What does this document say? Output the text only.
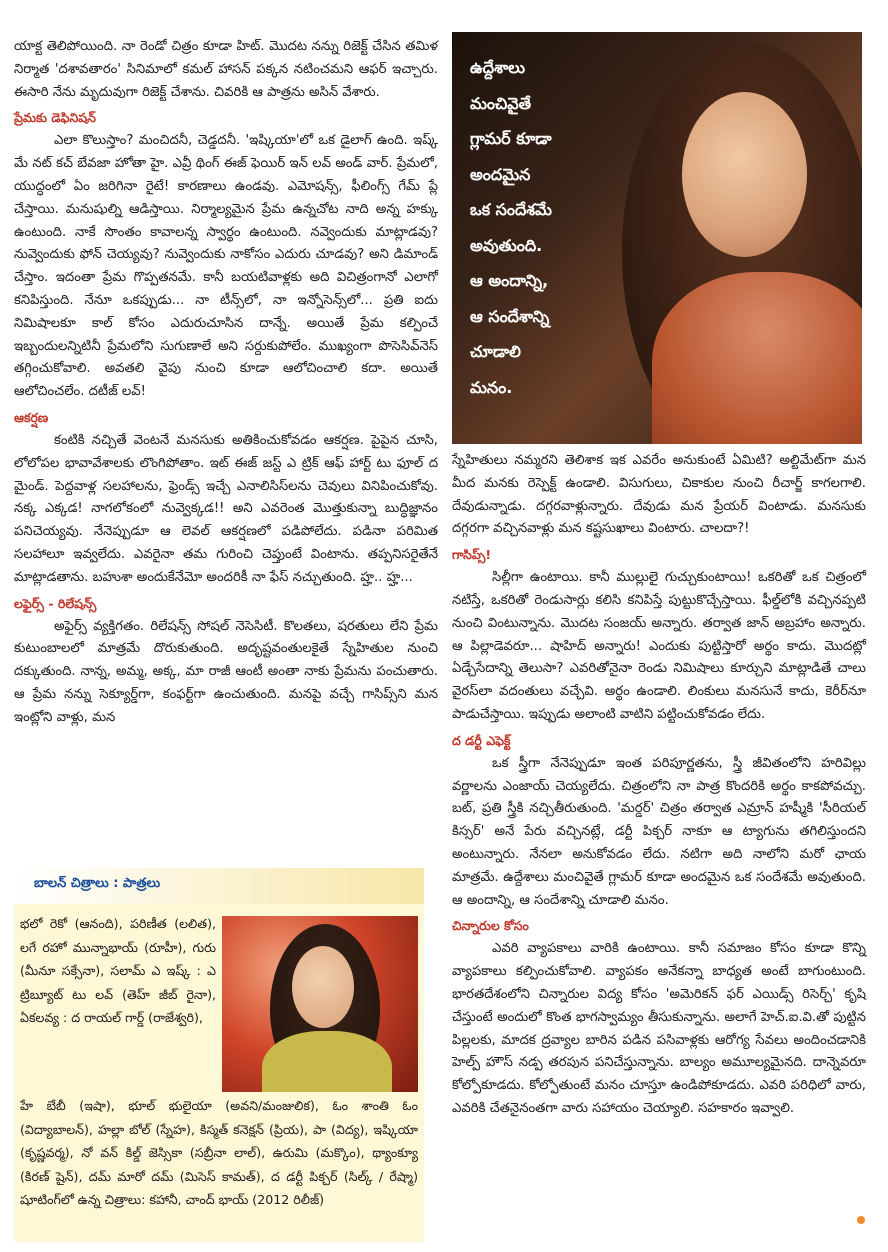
యాక్ట తెలిపోయింది. నా రెండో చిత్రం కూడా హిట్. మొదట నన్ను రిజెక్ట్ చేసిన తమిళ నిర్మాత 'దశావతారం' సినిమాలో కమల్ హాసన్ పక్కన నటించమని ఆఫర్ ఇచ్చారు. ఈసారి నేను మృదువుగా రిజెక్ట్ చేశాను. చివరికి ఆ పాత్రను అసిన్ వేశారు.

ప్రేమకు డెఫినిషన్

ఎలా కొలుస్తాం? మంచిదనీ, చెడ్డదనీ. 'ఇష్కియా'లో ఒక డైలాగ్ ఉంది. ఇష్క్ మే నట్ కచ్ బేవజా హోతా హై. ఎవ్రీ థింగ్ ఈజ్ ఫెయిర్ ఇన్ లవ్ అండ్ వార్. ప్రేమలో, యుద్ధంలో ఏం జరిగినా రైటే! కారణాలు ఉండవు. ఎమోషన్స్, ఫీలింగ్స్ గేమ్ ప్లే చేస్తాయి. మనుషుల్ని ఆడిస్తాయి. నిర్మాల్యమైన ప్రేమ ఉన్నచోట నాది అన్న హక్కు ఉంటుంది. నాకే సొంతం కావాలన్న స్వార్థం ఉంటుంది. నవ్వెందుకు మాట్లాడవు? నువ్వెందుకు ఫోన్ చెయ్యవు? నువ్వెందుకు నాకోసం ఎదురు చూడవు? అని డిమాండ్ చేస్తాం. ఇదంతా ప్రేమ గొప్పతనమే. కానీ బయటివాళ్లకు అది విచిత్రంగానో ఎలాగో కనిపిస్తుంది. నేనూ ఒకప్పుడు... నా టీన్స్‌లో, నా ఇన్నోసెన్స్‌లో... ప్రతి ఐదు నిమిషాలకూ కాల్ కోసం ఎదురుచూసిన దాన్నే. అయితే ప్రేమ కల్పించే ఇబ్బందులన్నిటినీ ప్రేమలోని సుగుణాలే అని సర్దుకుపోలేం. ముఖ్యంగా పొసెసివ్‌నెస్ తగ్గించుకోవాలి. అవతలి వైపు నుంచి కూడా ఆలోచించాలి కదా. అయితే ఆలోచించలేం. దటీజ్ లవ్!

ఆకర్షణ

కంటికి నచ్చితే వెంటనే మనసుకు అతికించుకోవడం ఆకర్షణ. పైపైన చూసి, లోలోపల భావావేశాలకు లొంగిపోతాం. ఇట్ ఈజ్ జస్ట్ ఎ ట్రిక్ ఆఫ్ హార్ట్ టు ఫూల్ ద మైండ్. పెద్దవాళ్ల సలహాలను, ఫ్రెండ్స్ ఇచ్చే ఎనాలిసిస్‌లను చెవులు వినిపించుకోవు. నక్క ఎక్కడ! నాగలోకంలో నువ్వెక్కడ!! అని ఎవరెంత మొత్తుకున్నా బుద్ధిజ్ఞానం పనిచెయ్యవు. నేనెప్పుడూ ఆ లెవల్ ఆకర్షణలో పడిపోలేదు. పడినా పరిమిత సలహాలూ ఇవ్వలేదు. ఎవరైనా తమ గురించి చెప్తుంటే వింటాను. తప్పనిసరైతేనే మాట్లాడతాను. బహుశా అందుకేనేమో అందరికీ నా ఫేస్ నచ్చుతుంది. హ్హ.. హ్హ...

లఫైర్స్ - రిలేషన్స్

అఫైర్స్ వ్యక్తిగతం. రిలేషన్స్ సోషల్ నెసెసిటీ. కొలతలు, షరతులు లేని ప్రేమ కుటుంబాలలో మాత్రమే దొరుకుతుంది. అదృష్టవంతులకైతే స్నేహితుల నుంచి దక్కుతుంది. నాన్న, అమ్మ, అక్క, మా రాజీ ఆంటీ అంతా నాకు ప్రేమను పంచుతారు. ఆ ప్రేమ నన్ను సెక్యూర్డ్‌గా, కంఫర్ట్‌గా ఉంచుతుంది. మనపై వచ్చే గాసిప్స్‌ని మన ఇంట్లోని వాళ్లు, మన

ఉద్దేశాలు
మంచివైతే
గ్లామర్ కూడా
అందమైన
ఒక సందేశమే
అవుతుంది.
ఆ అందాన్ని,
ఆ సందేశాన్ని
చూడాలి
మనం.

స్నేహితులు నమ్మరని తెలిశాక ఇక ఎవరేం అనుకుంటే ఏమిటి? అల్టిమేట్‌గా మన మీద మనకు రెస్పెక్ట్ ఉండాలి. విసుగులు, చికాకుల నుంచి రీచార్జ్ కాగలగాలి. దేవుడున్నాడు. దగ్గరవాళ్లున్నారు. దేవుడు మన ప్రేయర్ వింటాడు. మనసుకు దగ్గరగా వచ్చినవాళ్లు మన కష్టసుఖాలు వింటారు. చాలదా?!

గాసిప్స్!

సిల్లీగా ఉంటాయి. కానీ ముల్లులై గుచ్చుకుంటాయి! ఒకరితో ఒక చిత్రంలో నటిస్తే, ఒకరితో రెండుసార్లు కలిసి కనిపిస్తే పుట్టుకొచ్చేస్తాయి. ఫీల్డ్‌లోకి వచ్చినప్పటి నుంచి వింటున్నాను. మొదట సంజయ్ అన్నారు. తర్వాత జాన్ అబ్రహాం అన్నారు. ఆ పిల్లాడెవరూ... షాహిద్ అన్నారు! ఎందుకు పుట్టిస్తారో అర్థం కాదు. మొదట్లో ఏడ్చేసేదాన్ని తెలుసా? ఎవరితోనైనా రెండు నిమిషాలు కూర్చుని మాట్లాడితే చాలు వైరస్‌లా వదంతులు వచ్చేవి. అర్థం ఉండాలి. లింకులు మనసునే కాదు, కెరీర్‌నూ పాడుచేస్తాయి. ఇప్పుడు అలాంటి వాటిని పట్టించుకోవడం లేదు.

ద డర్టీ ఎఫెక్ట్

ఒక స్త్రీగా నేనెప్పుడూ ఇంత పరిపూర్ణతను, స్త్రీ జీవితంలోని హరివిల్లు వర్ణాలను ఎంజాయ్ చెయ్యలేదు. చిత్రంలోని నా పాత్ర కొందరికి అర్థం కాకపోవచ్చు. బట్, ప్రతి స్త్రీకి నచ్చితీరుతుంది. 'మర్డర్' చిత్రం తర్వాత ఎమ్రాన్ హష్మీకి 'సీరియల్ కిస్సర్' అనే పేరు వచ్చినట్లే, డర్టీ పిక్చర్ నాకూ ఆ ట్యాగును తగిలిస్తుందని అంటున్నారు. నేనలా అనుకోవడం లేదు. నటిగా అది నాలోని మరో ఛాయ మాత్రమే. ఉద్దేశాలు మంచివైతే గ్లామర్ కూడా అందమైన ఒక సందేశమే అవుతుంది. ఆ అందాన్ని, ఆ సందేశాన్ని చూడాలి మనం.

చిన్నారుల కోసం

ఎవరి వ్యాపకాలు వారికి ఉంటాయి. కానీ సమాజం కోసం కూడా కొన్ని వ్యాపకాలు కల్పించుకోవాలి. వ్యాపకం అనేకన్నా బాధ్యత అంటే బాగుంటుంది. భారతదేశంలోని చిన్నారుల విద్య కోసం 'అమెరికన్ ఫర్ ఎయిడ్స్ రిసెర్చ్' కృషి చేస్తుంటే అందులో కొంత భాగస్వామ్యం తీసుకున్నాను. అలాగే హెచ్.ఐ.వి.తో పుట్టిన పిల్లలకు, మాదక ద్రవ్యాల బారిన పడిన పసివాళ్లకు ఆరోగ్య సేవలు అందించడానికి హెల్ప్ హౌస్ నడ్ప తరపున పనిచేస్తున్నాను. బాల్యం అమూల్యమైనది. దాన్నెవరూ కోల్పోకూడదు. కోల్పోతుంటే మనం చూస్తూ ఉండిపోకూడదు. ఎవరి పరిధిలో వారు, ఎవరికి చేతనైనంతగా వారు సహాయం చెయ్యాలి. సహకారం ఇవ్వాలి.

బాలన్ చిత్రాలు : పాత్రలు

భలో రెకో (ఆనంది), పరిణీత (లలిత), లగే రహో మున్నాభాయ్ (రూహీ), గురు (మీనూ సక్సేనా), సలామ్ ఎ ఇష్క్ : ఎ ట్రిబ్యూట్ టు లవ్ (తెహ్ జీబ్ రైనా), ఏకలవ్య : ద రాయల్ గార్డ్ (రాజేశ్వరి),

హే బేబీ (ఇషా), భూల్ భులైయా (అవని/మంజులిక), ఓం శాంతి ఓం (విద్యాబాలన్), హల్లా బోల్ (స్నేహ), కిస్మత్ కనెక్షన్ (ప్రియ), పా (విద్య), ఇష్కియా (కృష్ణవర్మ), నో వన్ కిల్డ్ జెస్సికా (సబ్రీనా లాల్), ఉరుమి (మక్కొం), థ్యాంక్యూ (కిరణ్ షైన్), దమ్ మారో దమ్ (మిసెస్ కామత్), ద డర్టీ పిక్చర్ (సిల్క్ / రేష్మా) షూటింగ్‌లో ఉన్న చిత్రాలు: కహానీ, చాంద్ భాయ్ (2012 రిలీజ్)
